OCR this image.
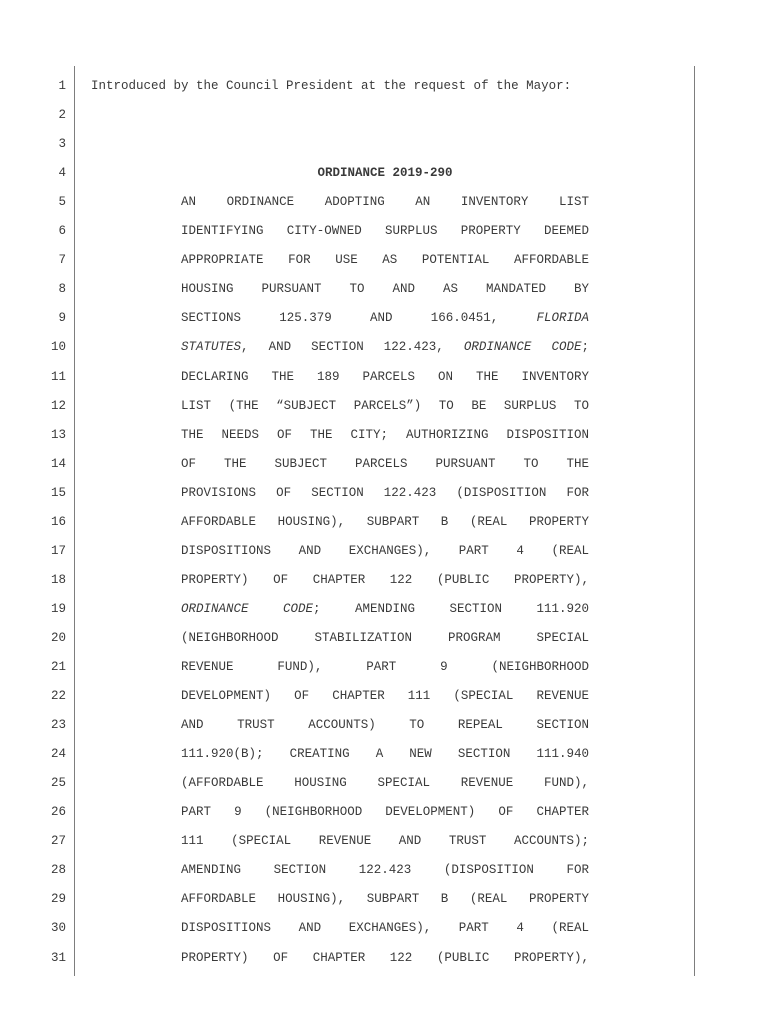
1
2
3
4
5
6
7
8
9
10
11
12
13
14
15
16
17
18
19
20
21
22
23
24
25
26
27
28
29
30
31
Introduced by the Council President at the request of the Mayor:
ORDINANCE 2019-290
AN ORDINANCE ADOPTING AN INVENTORY LIST
IDENTIFYING CITY-OWNED SURPLUS PROPERTY DEEMED
APPROPRIATE FOR USE AS POTENTIAL AFFORDABLE
HOUSING PURSUANT TO AND AS MANDATED BY
SECTIONS 125.379 AND 166.0451, FLORIDA
STATUTES, AND SECTION 122.423, ORDINANCE CODE;
DECLARING THE 189 PARCELS ON THE INVENTORY
LIST (THE “SUBJECT PARCELS”) TO BE SURPLUS TO
THE NEEDS OF THE CITY; AUTHORIZING DISPOSITION
OF THE SUBJECT PARCELS PURSUANT TO THE
PROVISIONS OF SECTION 122.423 (DISPOSITION FOR
AFFORDABLE HOUSING), SUBPART B (REAL PROPERTY
DISPOSITIONS AND EXCHANGES), PART 4 (REAL
PROPERTY) OF CHAPTER 122 (PUBLIC PROPERTY),
ORDINANCE CODE; AMENDING SECTION 111.920
(NEIGHBORHOOD STABILIZATION PROGRAM SPECIAL
REVENUE FUND), PART 9 (NEIGHBORHOOD
DEVELOPMENT) OF CHAPTER 111 (SPECIAL REVENUE
AND TRUST ACCOUNTS) TO REPEAL SECTION
111.920(B); CREATING A NEW SECTION 111.940
(AFFORDABLE HOUSING SPECIAL REVENUE FUND),
PART 9 (NEIGHBORHOOD DEVELOPMENT) OF CHAPTER
111 (SPECIAL REVENUE AND TRUST ACCOUNTS);
AMENDING SECTION 122.423 (DISPOSITION FOR
AFFORDABLE HOUSING), SUBPART B (REAL PROPERTY
DISPOSITIONS AND EXCHANGES), PART 4 (REAL
PROPERTY) OF CHAPTER 122 (PUBLIC PROPERTY),
